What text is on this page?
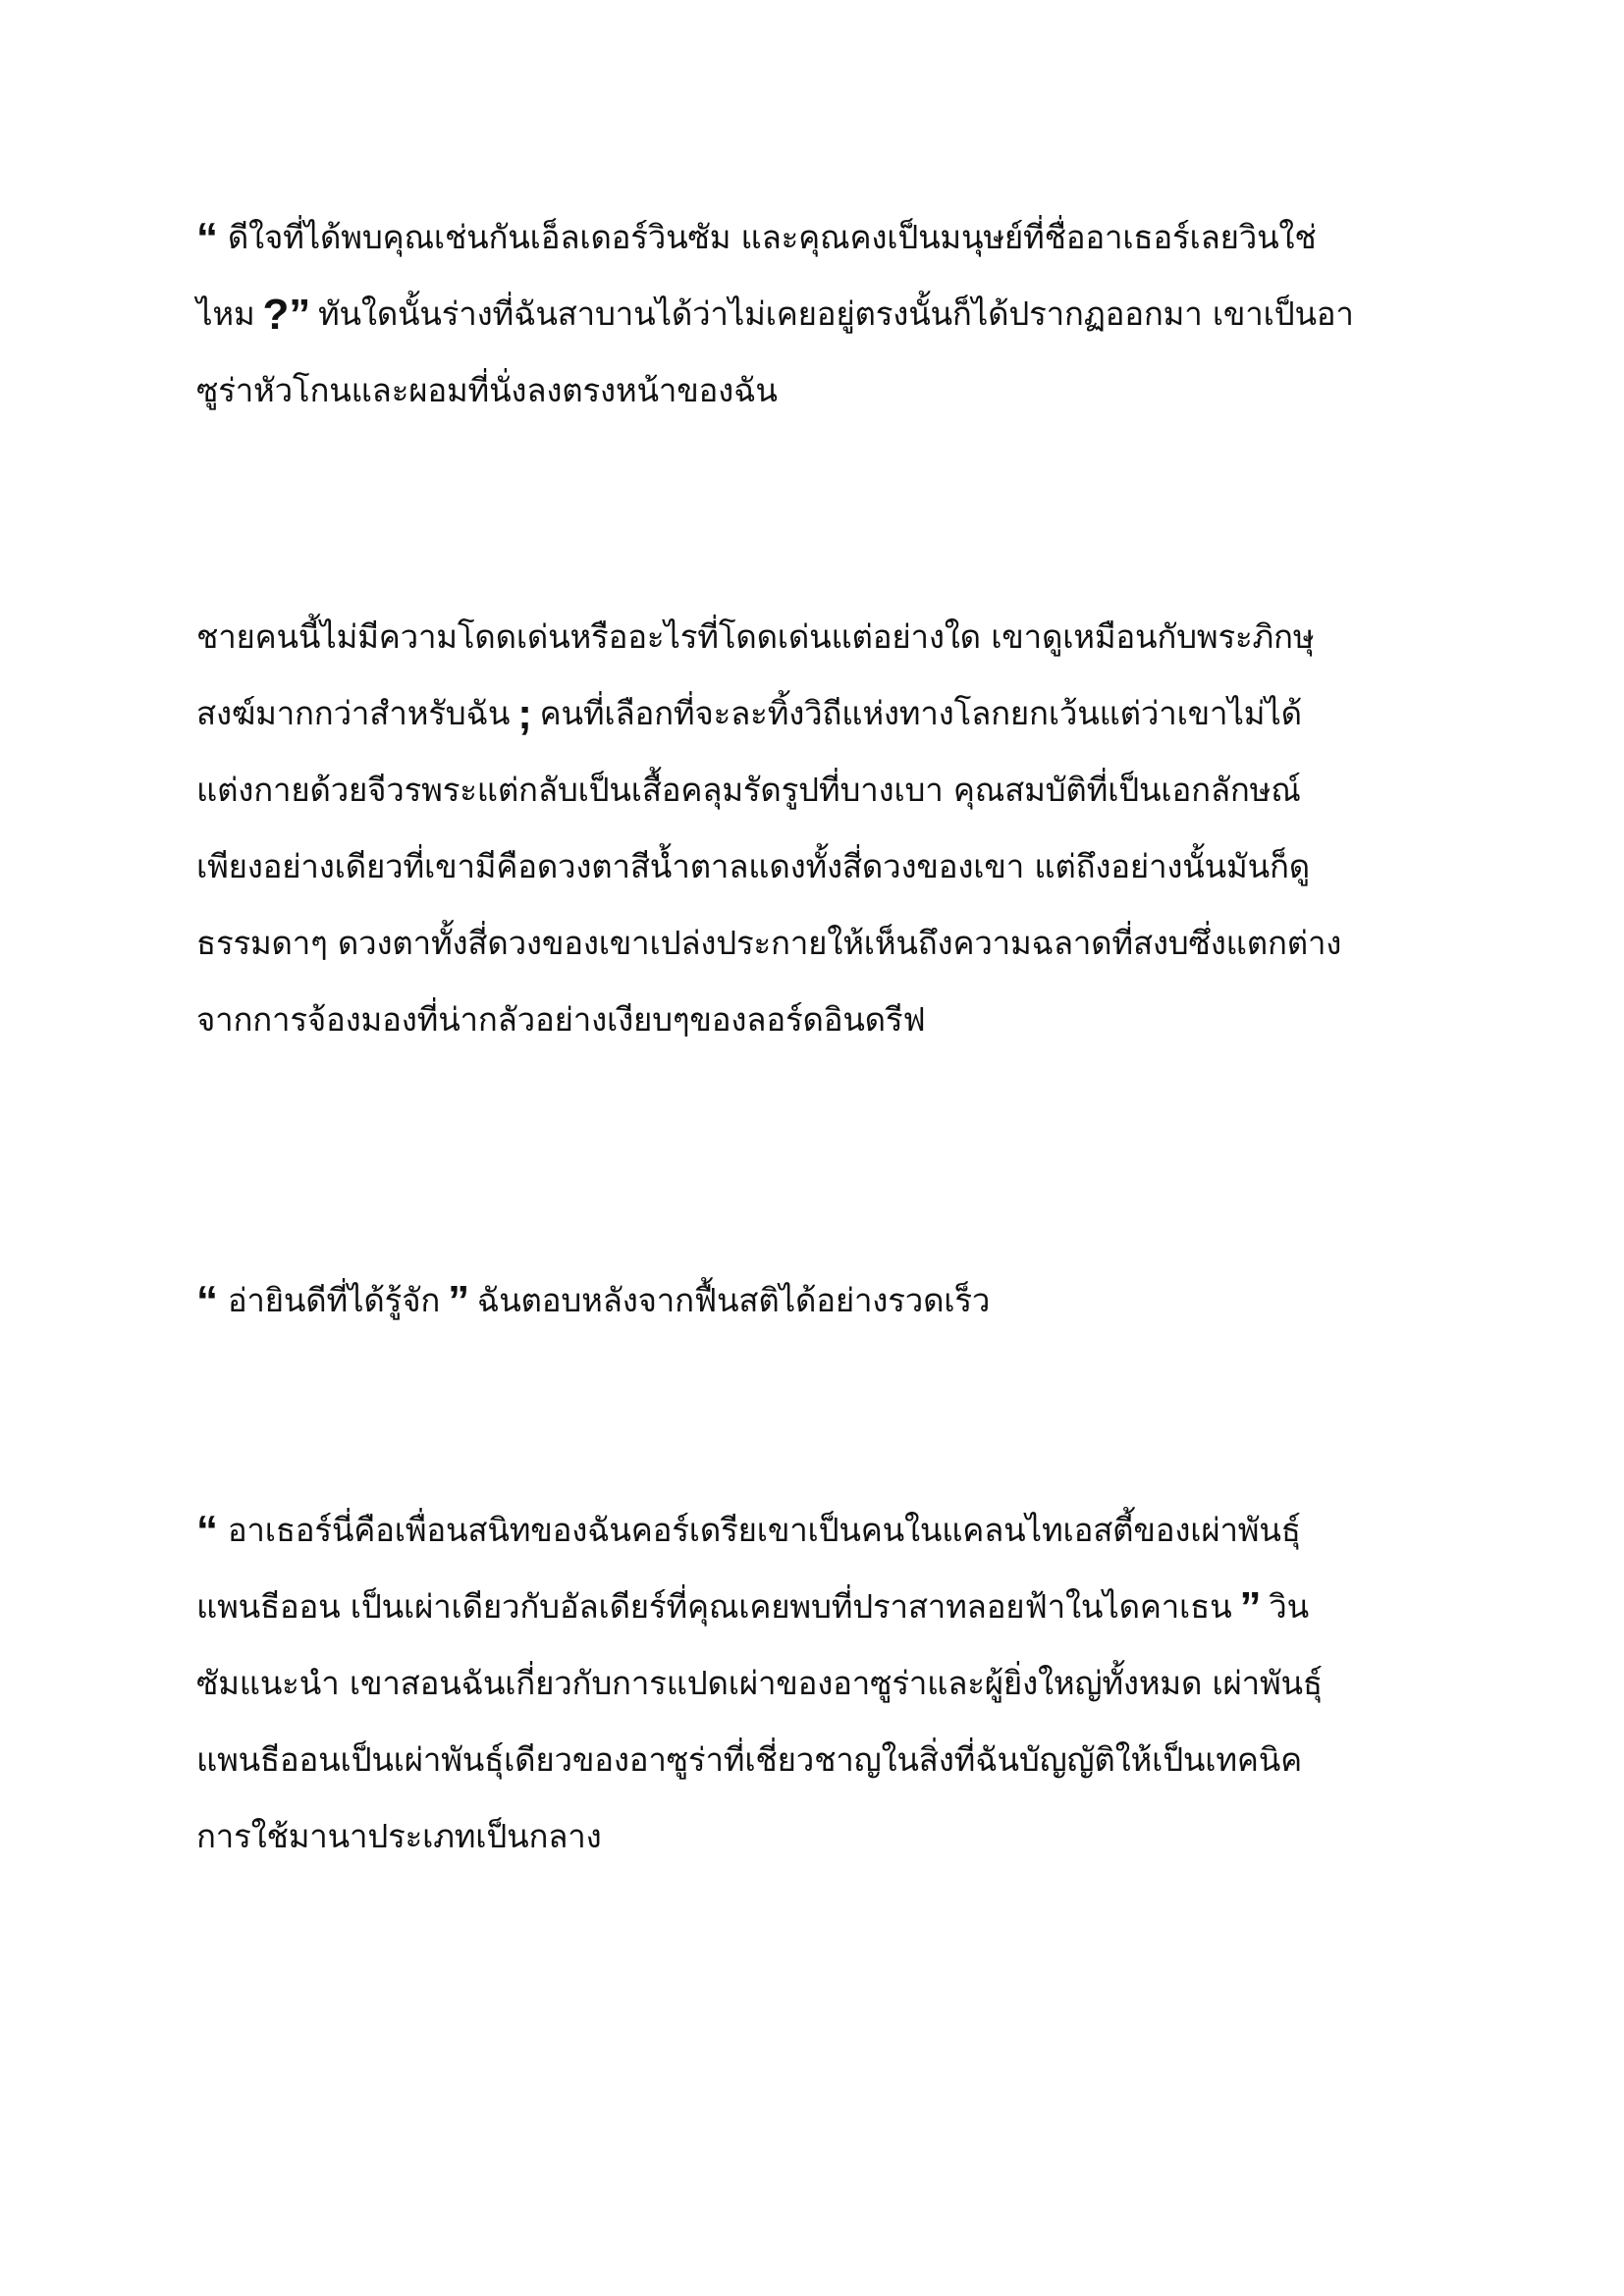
“ ดีใจที่ได้พบคุณเช่นกันเอ็ลเดอร์วินซัม และคุณคงเป็นมนุษย์ที่ชื่ออาเธอร์เลยวินใช่
ไหม ?” ทันใดนั้นร่างที่ฉันสาบานได้ว่าไม่เคยอยู่ตรงนั้นก็ได้ปรากฏออกมา เขาเป็นอา
ซูร่าหัวโกนและผอมที่นั่งลงตรงหน้าของฉัน
ชายคนนี้ไม่มีความโดดเด่นหรืออะไรที่โดดเด่นแต่อย่างใด เขาดูเหมือนกับพระภิกษุ
สงฆ์มากกว่าสำหรับฉัน ; คนที่เลือกที่จะละทิ้งวิถีแห่งทางโลกยกเว้นแต่ว่าเขาไม่ได้
แต่งกายด้วยจีวรพระแต่กลับเป็นเสื้อคลุมรัดรูปที่บางเบา คุณสมบัติที่เป็นเอกลักษณ์
เพียงอย่างเดียวที่เขามีคือดวงตาสีน้ำตาลแดงทั้งสี่ดวงของเขา แต่ถึงอย่างนั้นมันก็ดู
ธรรมดาๆ ดวงตาทั้งสี่ดวงของเขาเปล่งประกายให้เห็นถึงความฉลาดที่สงบซึ่งแตกต่าง
จากการจ้องมองที่น่ากลัวอย่างเงียบๆของลอร์ดอินดรีฟ
“ อ่ายินดีที่ได้รู้จัก ” ฉันตอบหลังจากฟื้นสติได้อย่างรวดเร็ว
“ อาเธอร์นี่คือเพื่อนสนิทของฉันคอร์เดรียเขาเป็นคนในแคลนไทเอสตี้ของเผ่าพันธุ์
แพนธีออน เป็นเผ่าเดียวกับอัลเดียร์ที่คุณเคยพบที่ปราสาทลอยฟ้าในไดคาเธน ” วิน
ซัมแนะนำ เขาสอนฉันเกี่ยวกับการแปดเผ่าของอาซูร่าและผู้ยิ่งใหญ่ทั้งหมด เผ่าพันธุ์
แพนธีออนเป็นเผ่าพันธุ์เดียวของอาซูร่าที่เชี่ยวชาญในสิ่งที่ฉันบัญญัติให้เป็นเทคนิค
การใช้มานาประเภทเป็นกลาง
